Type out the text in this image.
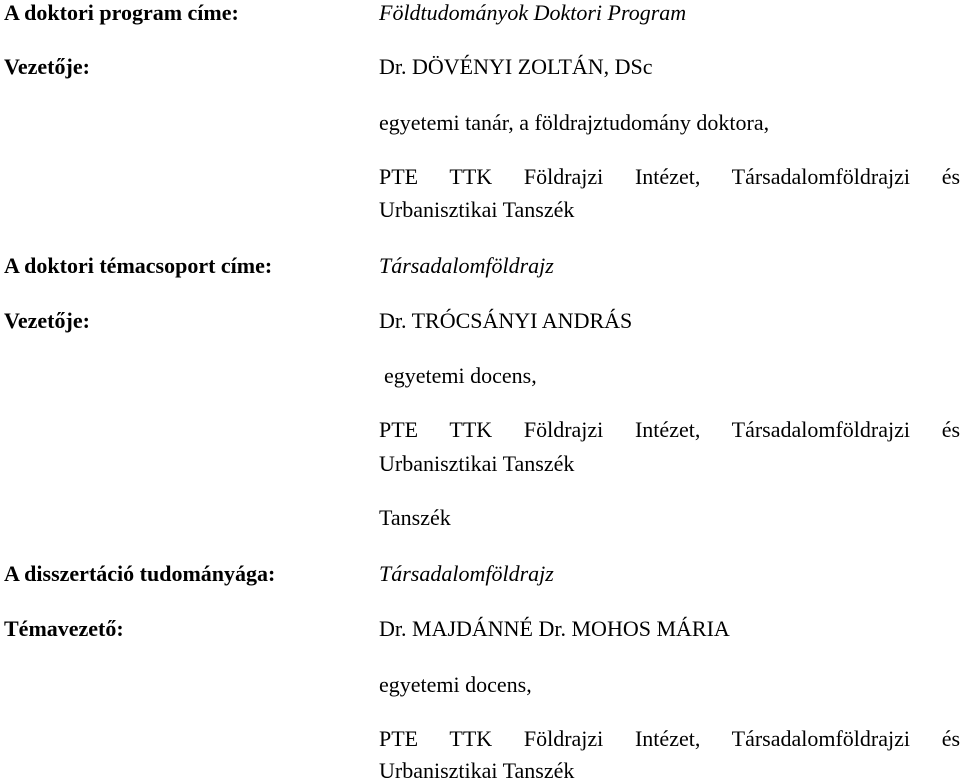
A doktori program címe:	Földtudományok Doktori Program
Vezetője:	Dr. DÖVÉNYI ZOLTÁN, DSc
egyetemi tanár, a földrajztudomány doktora,
PTE TTK Földrajzi Intézet, Társadalomföldrajzi és
Urbanisztikai Tanszék
A doktori témacsoport címe:	Társadalomföldrajz
Vezetője:	Dr. TRÓCSÁNYI ANDRÁS
egyetemi docens,
PTE TTK Földrajzi Intézet, Társadalomföldrajzi és
Urbanisztikai Tanszék
Tanszék
A disszertáció tudományága:	Társadalomföldrajz
Témavezető:	Dr. MAJDÁNNÉ Dr. MOHOS MÁRIA
egyetemi docens,
PTE TTK Földrajzi Intézet, Társadalomföldrajzi és
Urbanisztikai Tanszék
